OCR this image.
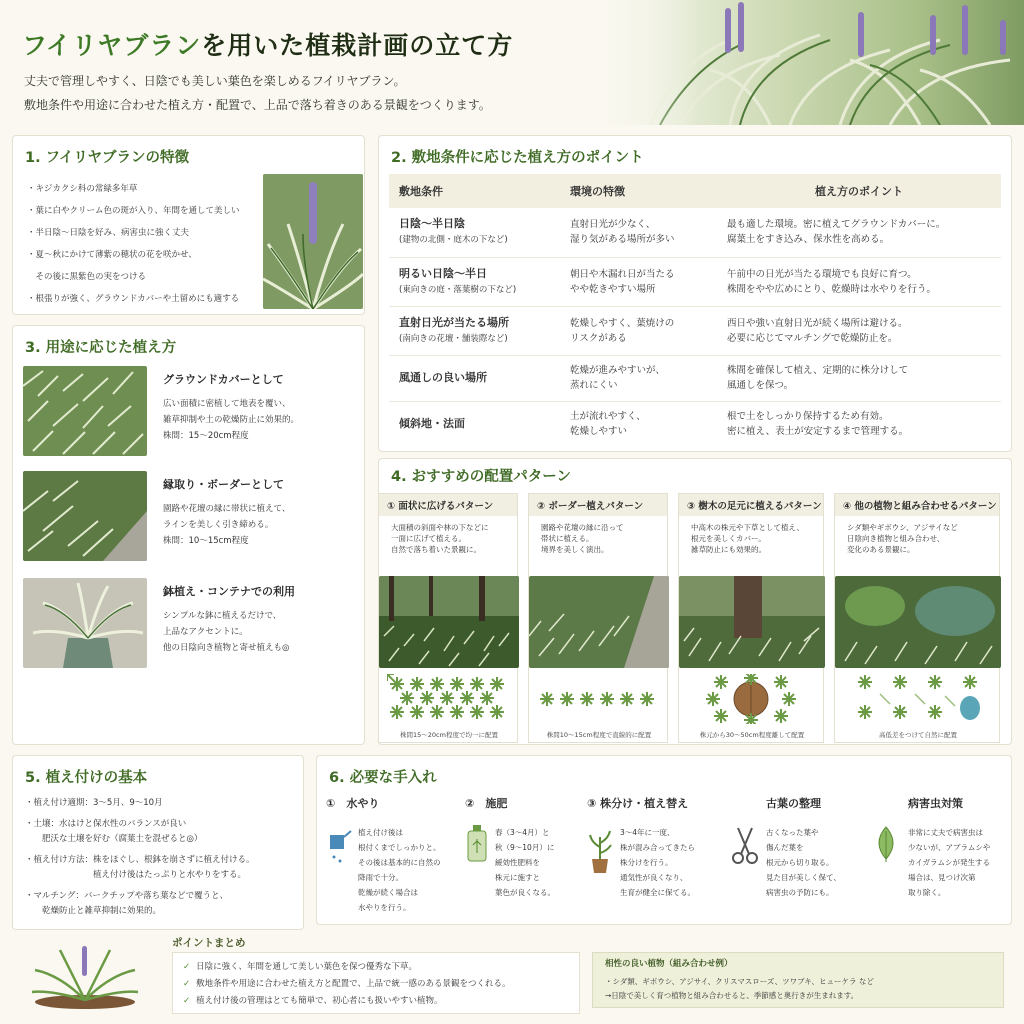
フイリヤブランを用いた植栽計画の立て方
丈夫で管理しやすく、日陰でも美しい葉色を楽しめるフイリヤブラン。
敷地条件や用途に合わせた植え方・配置で、上品で落ち着きのある景観をつくります。
1. フイリヤブランの特徴
・キジカクシ科の常緑多年草
・葉に白やクリーム色の斑が入り、年間を通して美しい
・半日陰〜日陰を好み、病害虫に強く丈夫
・夏〜秋にかけて薄紫の穂状の花を咲かせ、
　その後に黒紫色の実をつける
・根張りが強く、グラウンドカバーや土留めにも適する
2. 敷地条件に応じた植え方のポイント
敷地条件	環境の特徴	植え方のポイント
日陰〜半日陰
(建物の北側・庭木の下など)	直射日光が少なく、
湿り気がある場所が多い	最も適した環境。密に植えてグラウンドカバーに。
腐葉土をすき込み、保水性を高める。
明るい日陰〜半日
(東向きの庭・落葉樹の下など)	朝日や木漏れ日が当たる
やや乾きやすい場所	午前中の日光が当たる環境でも良好に育つ。
株間をやや広めにとり、乾燥時は水やりを行う。
直射日光が当たる場所
(南向きの花壇・舗装際など)	乾燥しやすく、葉焼けの
リスクがある	西日や強い直射日光が続く場所は避ける。
必要に応じてマルチングで乾燥防止を。
風通しの良い場所	乾燥が進みやすいが、
蒸れにくい	株間を確保して植え、定期的に株分けして
風通しを保つ。
傾斜地・法面	土が流れやすく、
乾燥しやすい	根で土をしっかり保持するため有効。
密に植え、表土が安定するまで管理する。
3. 用途に応じた植え方
グラウンドカバーとして
広い面積に密植して地表を覆い、
雑草抑制や土の乾燥防止に効果的。
株間：15〜20cm程度
縁取り・ボーダーとして
園路や花壇の縁に帯状に植えて、
ラインを美しく引き締める。
株間：10〜15cm程度
鉢植え・コンテナでの利用
シンプルな鉢に植えるだけで、
上品なアクセントに。
他の日陰向き植物と寄せ植えも◎
4. おすすめの配置パターン
① 面状に広げるパターン
大面積の斜面や林の下などに
一面に広げて植える。
自然で落ち着いた景観に。
株間15〜20cm程度で均一に配置
② ボーダー植えパターン
園路や花壇の縁に沿って
帯状に植える。
境界を美しく演出。
株間10〜15cm程度で直線的に配置
③ 樹木の足元に植えるパターン
中高木の株元や下草として植え、
根元を美しくカバー。
雑草防止にも効果的。
株元から30〜50cm程度離して配置
④ 他の植物と組み合わせるパターン
シダ類やギボウシ、アジサイなど
日陰向き植物と組み合わせ、
変化のある景観に。
高低差をつけて自然に配置
5. 植え付けの基本
・植え付け適期：3〜5月、9〜10月
・土壌：水はけと保水性のバランスが良い
　　肥沃な土壌を好む（腐葉土を混ぜると◎）
・植え付け方法：株をほぐし、根鉢を崩さずに植え付ける。
　　　　　　　　植え付け後はたっぷりと水やりをする。
・マルチング：バークチップや落ち葉などで覆うと、
　　乾燥防止と雑草抑制に効果的。
6. 必要な手入れ
①　水やり
植え付け後は
根付くまでしっかりと。
その後は基本的に自然の
降雨で十分。
乾燥が続く場合は
水やりを行う。
②　施肥
春（3〜4月）と
秋（9〜10月）に
緩効性肥料を
株元に施すと
葉色が良くなる。
③ 株分け・植え替え
3〜4年に一度、
株が混み合ってきたら
株分けを行う。
通気性が良くなり、
生育が健全に保てる。
古葉の整理
古くなった葉や
傷んだ葉を
根元から切り取る。
見た目が美しく保て、
病害虫の予防にも。
病害虫対策
非常に丈夫で病害虫は
少ないが、アブラムシや
カイガラムシが発生する
場合は、見つけ次第
取り除く。
ポイントまとめ
✓ 日陰に強く、年間を通して美しい葉色を保つ優秀な下草。
✓ 敷地条件や用途に合わせた植え方と配置で、上品で統一感のある景観をつくれる。
✓ 植え付け後の管理はとても簡単で、初心者にも扱いやすい植物。
相性の良い植物（組み合わせ例）
・シダ類、ギボウシ、アジサイ、クリスマスローズ、ツワブキ、ヒューケラ など
→日陰で美しく育つ植物と組み合わせると、季節感と奥行きが生まれます。
